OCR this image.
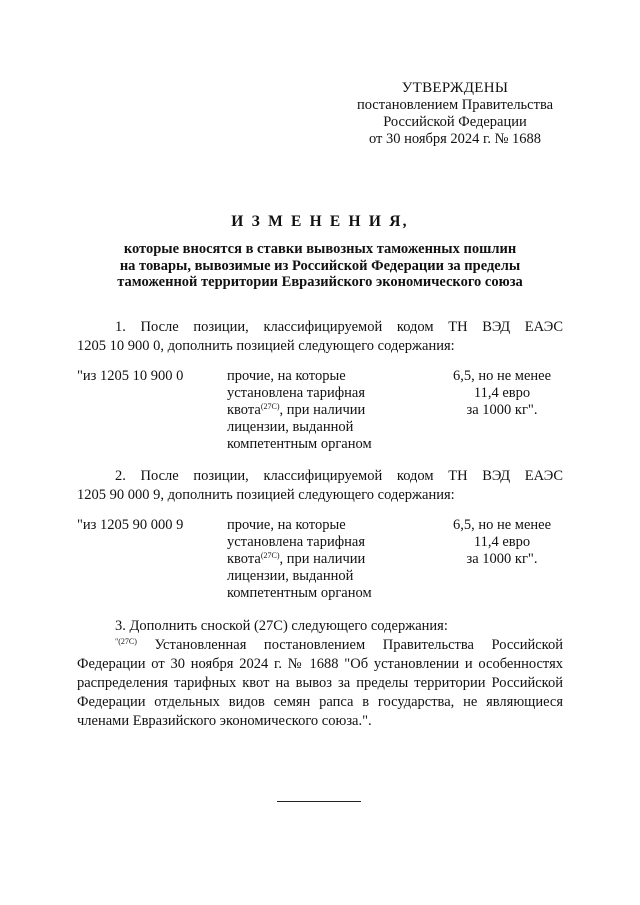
УТВЕРЖДЕНЫ
постановлением Правительства
Российской Федерации
от 30 ноября 2024 г. № 1688
И З М Е Н Е Н И Я,
которые вносятся в ставки вывозных таможенных пошлин
на товары, вывозимые из Российской Федерации за пределы
таможенной территории Евразийского экономического союза
1. После позиции, классифицируемой кодом ТН ВЭД ЕАЭС
1205 10 900 0, дополнить позицией следующего содержания:
"из 1205 10 900 0	прочие, на которые
установлена тарифная
квота$^{(27С)}$, при наличии
лицензии, выданной
компетентным органом
6,5, но не менее
11,4 евро
за 1000 кг".
2. После позиции, классифицируемой кодом ТН ВЭД ЕАЭС
1205 90 000 9, дополнить позицией следующего содержания:
"из 1205 90 000 9	прочие, на которые
установлена тарифная
квота$^{(27С)}$, при наличии
лицензии, выданной
компетентным органом
6,5, но не менее
11,4 евро
за 1000 кг".
3. Дополнить сноской (27С) следующего содержания:
$^{"(27С)}$ Установленная постановлением Правительства Российской Федерации от 30 ноября 2024 г. № 1688 "Об установлении и особенностях распределения тарифных квот на вывоз за пределы территории Российской Федерации отдельных видов семян рапса в государства, не являющиеся членами Евразийского экономического союза.".
